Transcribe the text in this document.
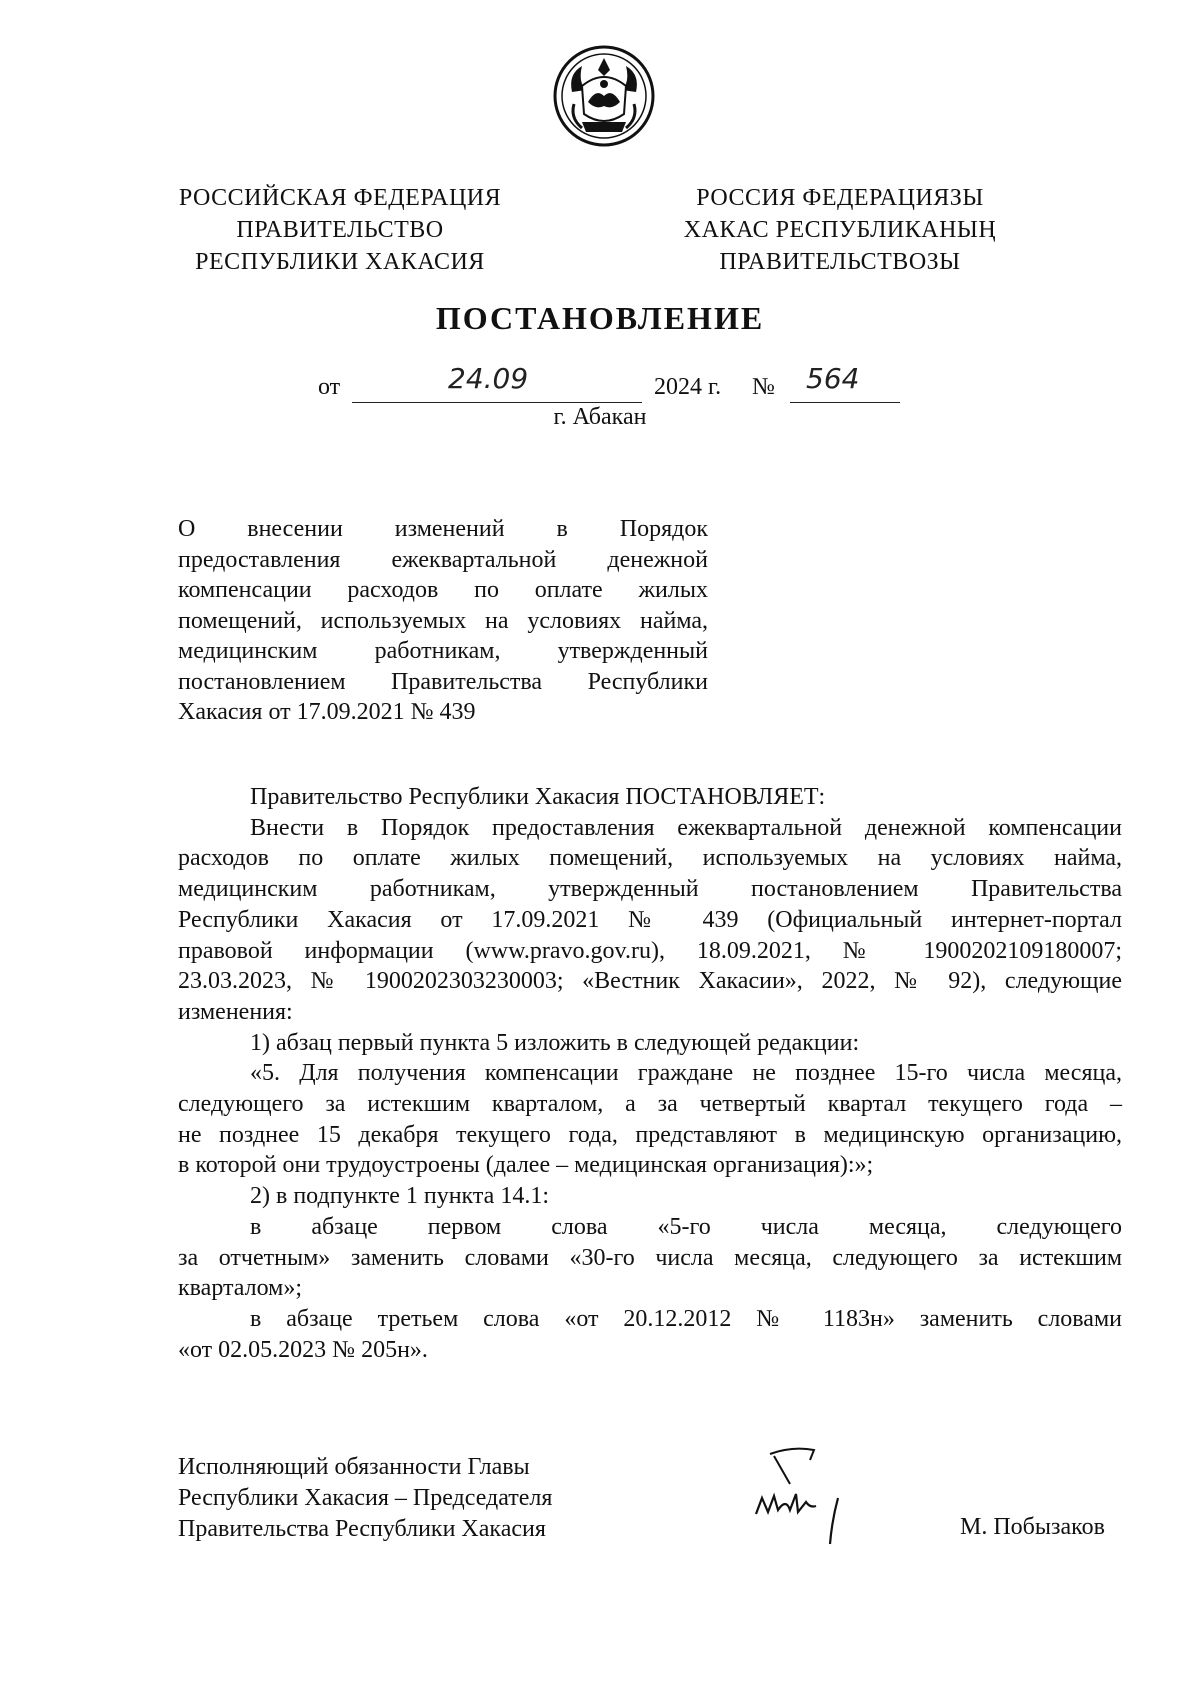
РОССИЙСКАЯ ФЕДЕРАЦИЯ
ПРАВИТЕЛЬСТВО
РЕСПУБЛИКИ ХАКАСИЯ
РОССИЯ ФЕДЕРАЦИЯЗЫ
ХАКАС РЕСПУБЛИКАНЫҢ
ПРАВИТЕЛЬСТВОЗЫ
ПОСТАНОВЛЕНИЕ
от	24.09	2024 г. № 564
г. Абакан
О внесении изменений в Порядок
предоставления ежеквартальной денежной
компенсации расходов по оплате жилых
помещений, используемых на условиях найма,
медицинским работникам, утвержденный
постановлением Правительства Республики
Хакасия от 17.09.2021 № 439
Правительство Республики Хакасия ПОСТАНОВЛЯЕТ:
Внести в Порядок предоставления ежеквартальной денежной компенсации
расходов по оплате жилых помещений, используемых на условиях найма,
медицинским работникам, утвержденный постановлением Правительства
Республики Хакасия от 17.09.2021 № 439 (Официальный интернет-портал
правовой информации (www.pravo.gov.ru), 18.09.2021, № 1900202109180007;
23.03.2023, № 1900202303230003; «Вестник Хакасии», 2022, № 92), следующие
изменения:
1) абзац первый пункта 5 изложить в следующей редакции:
«5. Для получения компенсации граждане не позднее 15-го числа месяца,
следующего за истекшим кварталом, а за четвертый квартал текущего года –
не позднее 15 декабря текущего года, представляют в медицинскую организацию,
в которой они трудоустроены (далее – медицинская организация):»;
2) в подпункте 1 пункта 14.1:
в абзаце первом слова «5-го числа месяца, следующего
за отчетным» заменить словами «30-го числа месяца, следующего за истекшим
кварталом»;
в абзаце третьем слова «от 20.12.2012 № 1183н» заменить словами
«от 02.05.2023 № 205н».
Исполняющий обязанности Главы
Республики Хакасия – Председателя
Правительства Республики Хакасия	М. Побызаков
